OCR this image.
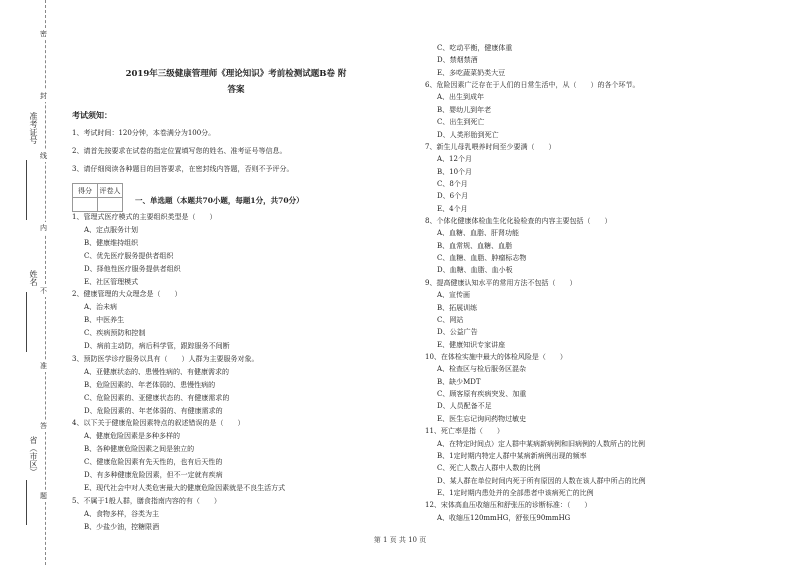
准考证号
姓名
省（市区）
密
封
线
内
不
准
答
题
2019年三级健康管理师《理论知识》考前检测试题B卷 附
答案
考试须知：
1、考试时间：120分钟，本卷满分为100分。
2、请首先按要求在试卷的指定位置填写您的姓名、准考证号等信息。
3、请仔细阅读各种题目的回答要求，在密封线内答题，否则不予评分。
得分	评卷人

一、单选题（本题共70小题，每题1分，共70分）
1、管理式医疗模式的主要组织类型是（　　）
A、定点服务计划
B、健康维持组织
C、优先医疗服务提供者组织
D、择他性医疗服务提供者组织
E、社区管理模式
2、健康管理的大众理念是（　　）
A、治未病
B、中医养生
C、疾病预防和控制
D、病前主动防，病后科学管，跟踪服务不间断
3、预防医学诊疗服务以具有（　　）人群为主要服务对象。
A、亚健康状态的、患慢性病的、有健康需求的
B、危险因素的、年老体弱的、患慢性病的
C、危险因素的、亚健康状态的、有健康需求的
D、危险因素的、年老体弱的、有健康需求的
4、以下关于健康危险因素特点的叙述错误的是（　　）
A、健康危险因素是多种多样的
B、各种健康危险因素之间是独立的
C、健康危险因素有先天性的，也有后天性的
D、有多种健康危险因素，但不一定就有疾病
E、现代社会中对人类危害最大的健康危险因素就是不良生活方式
5、不属于1般人群，膳食指南内容的有（　　）
A、食物多样，谷类为主
B、少盐少油，控糖限酒
C、吃动平衡，健康体重
D、禁烟禁酒
E、多吃蔬菜奶类大豆
6、危险因素广泛存在于人们的日常生活中，从（　　）的各个环节。
A、出生到成年
B、婴幼儿到年老
C、出生到死亡
D、人类形胎到死亡
7、新生儿母乳喂养时间至少要满（　　）
A、12个月
B、10个月
C、8个月
D、6个月
E、4个月
8、个体化健康体检血生化化验检查的内容主要包括（　　）
A、血糖、血脂、肝肾功能
B、血常规、血糖、血脂
C、血糖、血脂、肿瘤标志物
D、血糖、血脂、血小板
9、提高健康认知水平的常用方法不包括（　　）
A、宣传画
B、拓展训练
C、网站
D、公益广告
E、健康知识专家讲座
10、在体检实施中最大的体检风险是（　　）
A、检查区与检后服务区混杂
B、缺少MDT
C、顾客原有疾病突发、加重
D、人员配备不足
E、医生忘记询问药物过敏史
11、死亡率是指（　　）
A、在特定时间点）定人群中某病新病例和旧病例的人数所占的比例
B、1定时期内特定人群中某病新病例出现的频率
C、死亡人数占人群中人数的比例
D、某人群在单位时间内死于所有原因的人数在该人群中所占的比例
E、1定时期内患处并的全部患者中该病死亡的比例
12、宋体高血压收缩压和舒张压的诊断标准：（　　）
A、收缩压120mmHG，舒张压90mmHG
第 1 页 共 10 页
